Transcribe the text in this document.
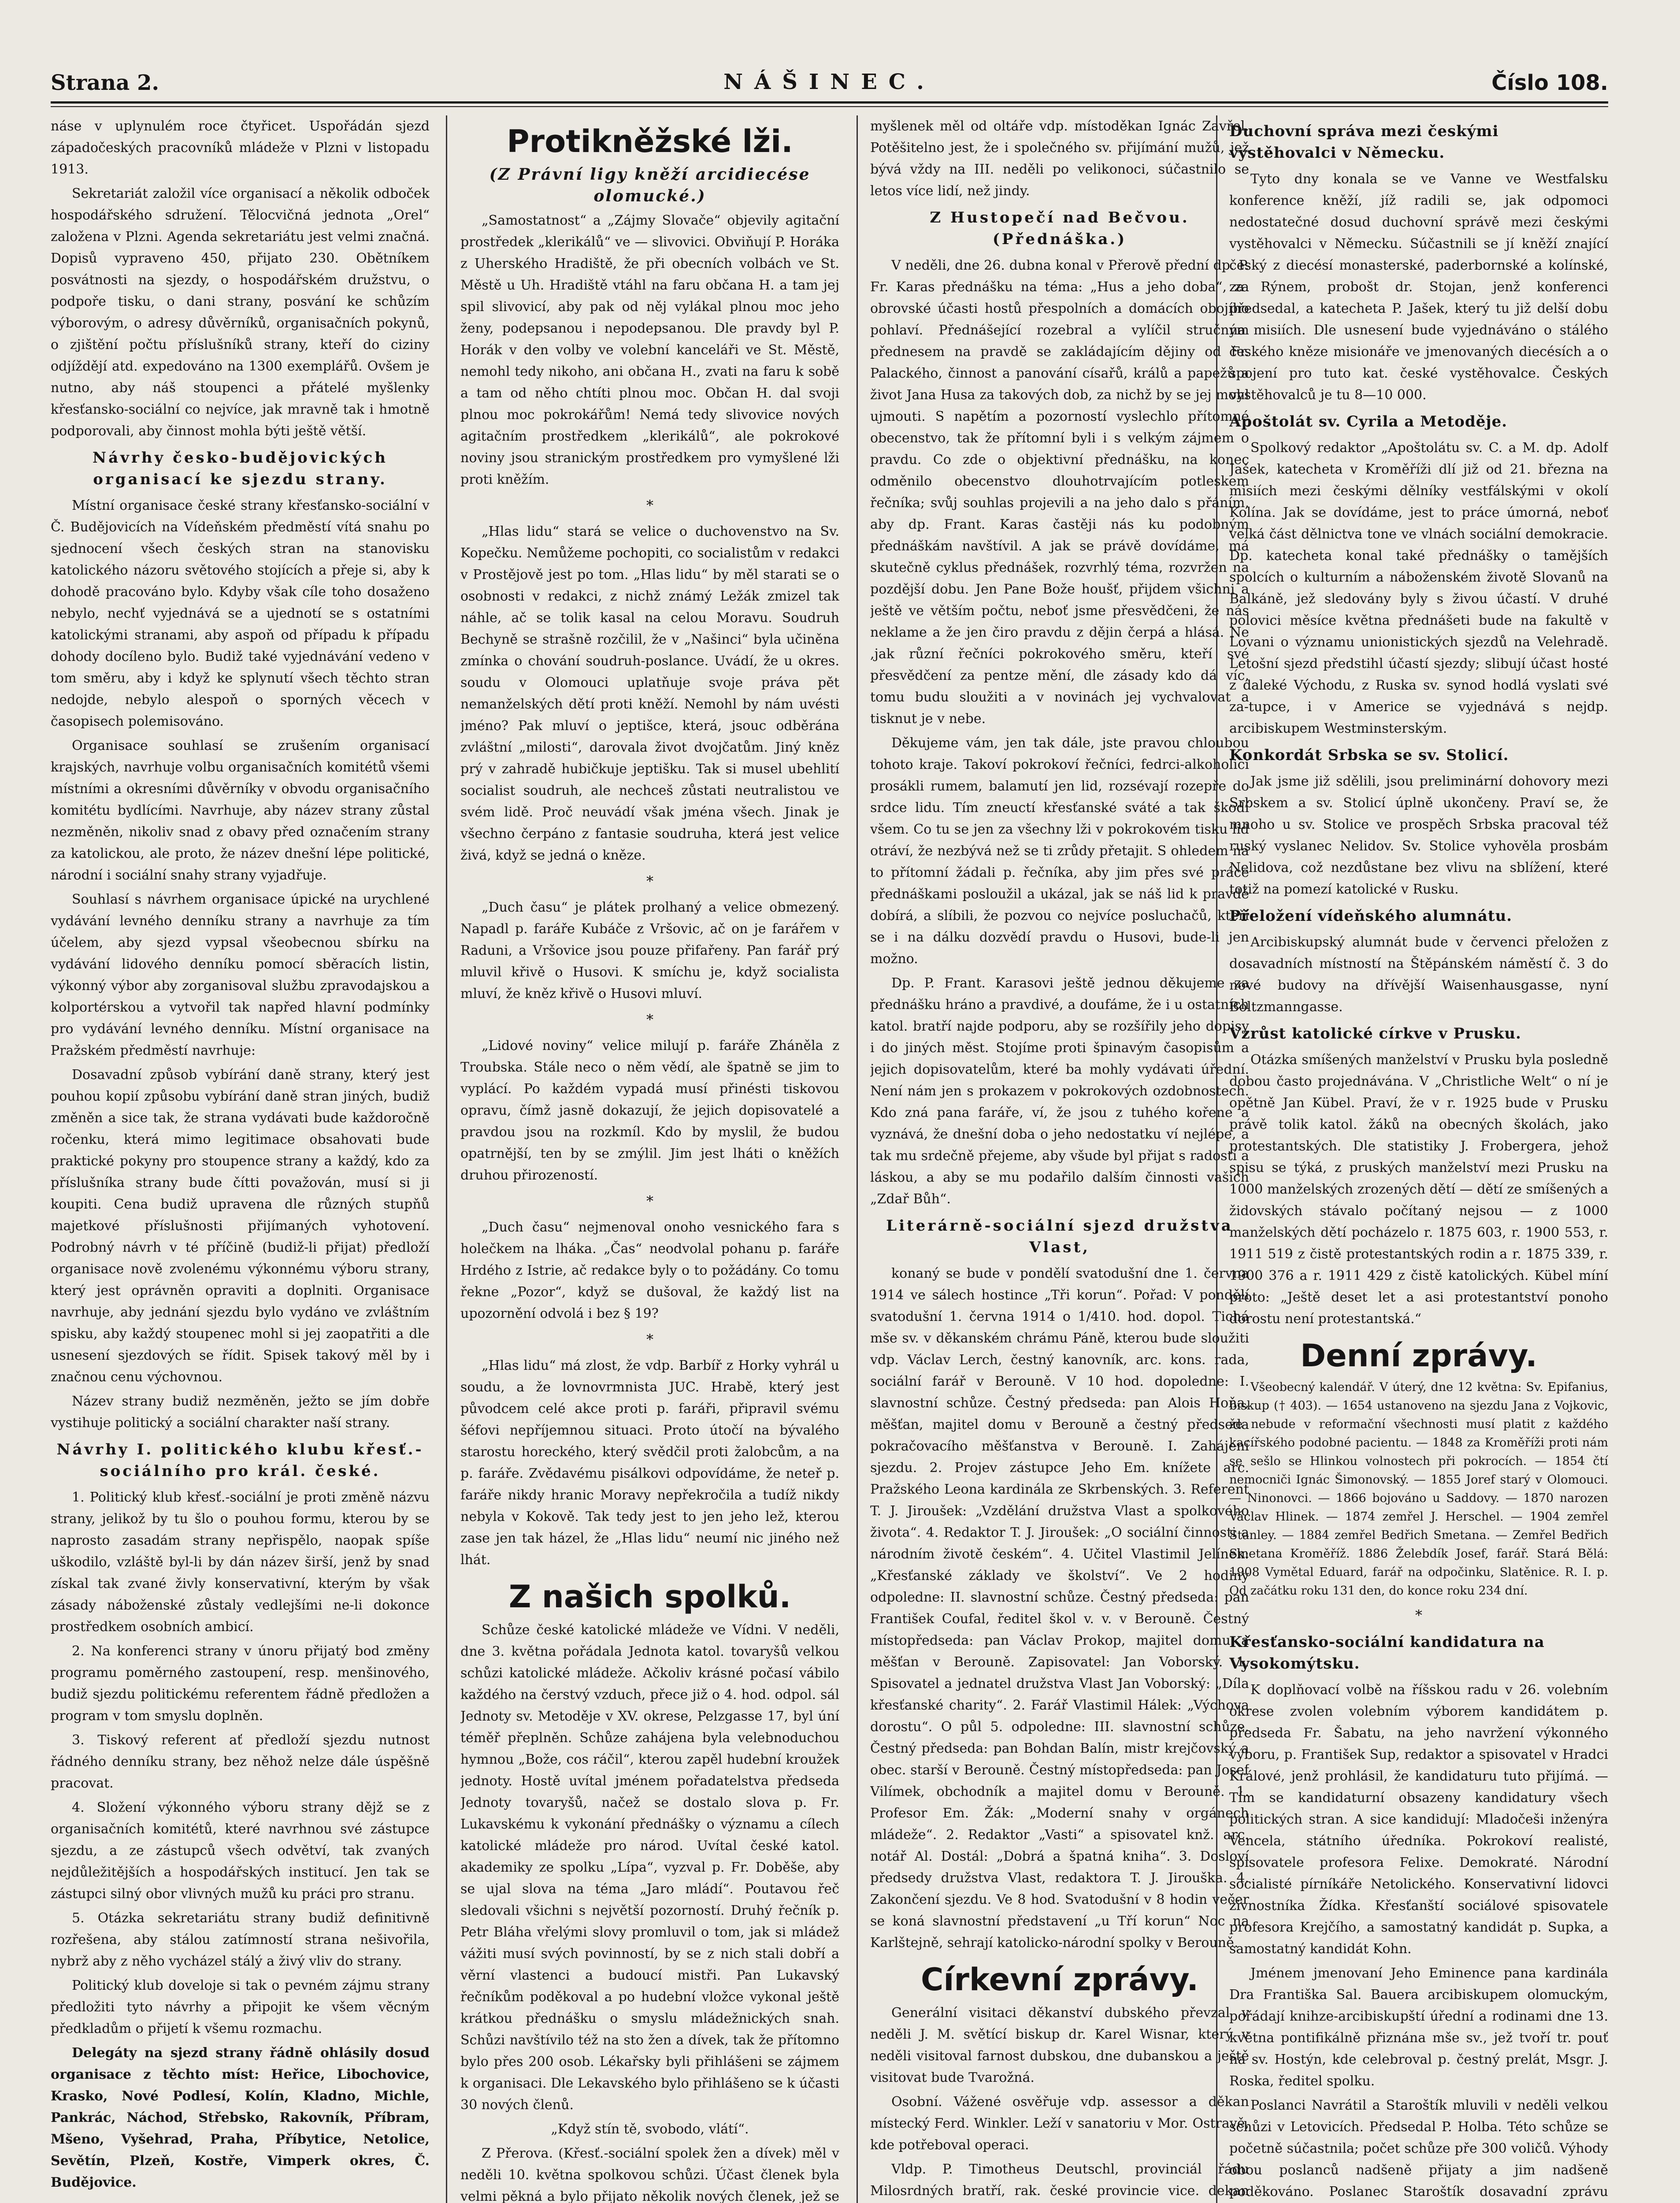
Strana 2.	NÁŠINEC.	Číslo 108.

náse v uplynulém roce čtyřicet. Uspořádán sjezd západočeských pracovníků mládeže v Plzni v listopadu 1913.

Sekretariát založil více organisací a několik odboček hospodářského sdružení. Tělocvičná jednota „Orel“ založena v Plzni. Agenda sekretariátu jest velmi značná. Dopisů vypraveno 450, přijato 230. Obětníkem posvátnosti na sjezdy, o hospodářském družstvu, o podpoře tisku, o dani strany, posvání ke schůzím výborovým, o adresy důvěrníků, organisačních pokynů, o zjištění počtu příslušníků strany, kteří do ciziny odjíždějí atd. expedováno na 1300 exemplářů. Ovšem je nutno, aby náš stoupenci a přátelé myšlenky křesťansko-sociální co nejvíce, jak mravně tak i hmotně podporovali, aby činnost mohla býti ještě větší.

Návrhy česko-budějovických organisací ke sjezdu strany.

Místní organisace české strany křesťansko-sociální v Č. Budějovicích na Vídeňském předměstí vítá snahu po sjednocení všech českých stran na stanovisku katolického názoru světového stojících a přeje si, aby k dohodě pracováno bylo. Kdyby však cíle toho dosaženo nebylo, nechť vyjednává se a ujednotí se s ostatními katolickými stranami, aby aspoň od případu k případu dohody docíleno bylo. Budiž také vyjednávání vedeno v tom směru, aby i když ke splynutí všech těchto stran nedojde, nebylo alespoň o sporných věcech v časopisech polemisováno.

Organisace souhlasí se zrušením organisací krajských, navrhuje volbu organisačních komitétů všemi místními a okresními důvěrníky v obvodu organisačního komitétu bydlícími. Navrhuje, aby název strany zůstal nezměněn, nikoliv snad z obavy před označením strany za katolickou, ale proto, že název dnešní lépe politické, národní i sociální snahy strany vyjadřuje.

Souhlasí s návrhem organisace úpické na urychlené vydávání levného denníku strany a navrhuje za tím účelem, aby sjezd vypsal všeobecnou sbírku na vydávání lidového denníku pomocí sběracích listin, výkonný výbor aby zorganisoval službu zpravodajskou a kolportérskou a vytvořil tak napřed hlavní podmínky pro vydávání levného denníku. Místní organisace na Pražském předměstí navrhuje:

Dosavadní způsob vybírání daně strany, který jest pouhou kopií způsobu vybírání daně stran jiných, budiž změněn a sice tak, že strana vydávati bude každoročně ročenku, která mimo legitimace obsahovati bude praktické pokyny pro stoupence strany a každý, kdo za příslušníka strany bude čítti považován, musí si ji koupiti. Cena budiž upravena dle různých stupňů majetkové příslušnosti přijímaných vyhotovení. Podrobný návrh v té příčině (budiž-li přijat) předloží organisace nově zvolenému výkonnému výboru strany, který jest oprávněn opraviti a doplniti. Organisace navrhuje, aby jednání sjezdu bylo vydáno ve zvláštním spisku, aby každý stoupenec mohl si jej zaopatřiti a dle usnesení sjezdových se řídit. Spisek takový měl by i značnou cenu výchovnou.

Název strany budiž nezměněn, ježto se jím dobře vystihuje politický a sociální charakter naší strany.

Návrhy I. politického klubu křesť.-sociálního pro král. české.

1. Politický klub křesť.-sociální je proti změně názvu strany, jelikož by tu šlo o pouhou formu, kterou by se naprosto zasadám strany nepřispělo, naopak spíše uškodilo, vzláště byl-li by dán název širší, jenž by snad získal tak zvané živly konservativní, kterým by však zásady náboženské zůstaly vedlejšími ne-li dokonce prostředkem osobních ambicí.

2. Na konferenci strany v únoru přijatý bod změny programu poměrného zastoupení, resp. menšinového, budiž sjezdu politickému referentem řádně předložen a program v tom smyslu doplněn.

3. Tiskový referent ať předloží sjezdu nutnost řádného denníku strany, bez něhož nelze dále úspěšně pracovat.

4. Složení výkonného výboru strany dějž se z organisačních komitétů, které navrhnou své zástupce sjezdu, a ze zástupců všech odvětví, tak zvaných nejdůležitějších a hospodářských institucí. Jen tak se zástupci silný obor vlivných mužů ku práci pro stranu.

5. Otázka sekretariátu strany budiž definitivně rozřešena, aby stálou zatímností strana nešivořila, nybrž aby z něho vycházel stálý a živý vliv do strany.

Politický klub doveloje si tak o pevném zájmu strany předložiti tyto návrhy a připojit ke všem věcným předkladům o přijetí k všemu rozmachu.

Delegáty na sjezd strany řádně ohlásily dosud organisace z těchto míst: Heřice, Libochovice, Krasko, Nové Podlesí, Kolín, Kladno, Michle, Pankrác, Náchod, Střebsko, Rakovník, Příbram, Mšeno, Vyšehrad, Praha, Příbytice, Netolice, Sevětín, Plzeň, Kostře, Vimperk okres, Č. Budějovice.

Protikněžské lži.

(Z Právní ligy kněží arcidiecése olomucké.)

„Samostatnost“ a „Zájmy Slovače“ objevily agitační prostředek „klerikálů“ ve — slivovici. Obviňují P. Horáka z Uherského Hradiště, že při obecních volbách ve St. Městě u Uh. Hradiště vtáhl na faru občana H. a tam jej spil slivovicí, aby pak od něj vylákal plnou moc jeho ženy, podepsanou i nepodepsanou. Dle pravdy byl P. Horák v den volby ve volební kanceláři ve St. Městě, nemohl tedy nikoho, ani občana H., zvati na faru k sobě a tam od něho chtíti plnou moc. Občan H. dal svoji plnou moc pokrokářům! Nemá tedy slivovice nových agitačním prostředkem „klerikálů“, ale pokrokové noviny jsou stranickým prostředkem pro vymyšlené lži proti kněžím.

*

„Hlas lidu“ stará se velice o duchovenstvo na Sv. Kopečku. Nemůžeme pochopiti, co socialistům v redakci v Prostějově jest po tom. „Hlas lidu“ by měl starati se o osobnosti v redakci, z nichž známý Ležák zmizel tak náhle, ač se tolik kasal na celou Moravu. Soudruh Bechyně se strašně rozčilil, že v „Našinci“ byla učiněna zmínka o chování soudruh-poslance. Uvádí, že u okres. soudu v Olomouci uplatňuje svoje práva pět nemanželských dětí proti kněží. Nemohl by nám uvésti jméno? Pak mluví o jeptišce, která, jsouc odběrána zvláštní „milosti“, darovala život dvojčatům. Jiný kněz prý v zahradě hubičkuje jeptišku. Tak si musel ubehlití socialist soudruh, ale nechceš zůstati neutralistou ve svém lidě. Proč neuvádí však jména všech. Jinak je všechno čerpáno z fantasie soudruha, která jest velice živá, když se jedná o kněze.

*

„Duch času“ je plátek prolhaný a velice obmezený. Napadl p. faráře Kubáče z Vršovic, ač on je farářem v Raduni, a Vršovice jsou pouze přifařeny. Pan farář prý mluvil křivě o Husovi. K smíchu je, když socialista mluví, že kněz křivě o Husovi mluví.

*

„Lidové noviny“ velice milují p. faráře Zháněla z Troubska. Stále neco o něm vědí, ale špatně se jim to vyplácí. Po každém vypadá musí přinésti tiskovou opravu, čímž jasně dokazují, že jejich dopisovatelé a pravdou jsou na rozkmíl. Kdo by myslil, že budou opatrnější, ten by se zmýlil. Jim jest lháti o kněžích druhou přirozeností.

*

„Duch času“ nejmenoval onoho vesnického fara s holečkem na lháka. „Čas“ neodvolal pohanu p. faráře Hrdého z Istrie, ač redakce byly o to požádány. Co tomu řekne „Pozor“, když se dušoval, že každý list na upozornění odvolá i bez § 19?

*

„Hlas lidu“ má zlost, že vdp. Barbíř z Horky vyhrál u soudu, a že lovnovrmnista JUC. Hrabě, který jest původcem celé akce proti p. faráři, připravil svému šéfovi nepříjemnou situaci. Proto útočí na bývalého starostu horeckého, který svědčil proti žalobcům, a na p. faráře. Zvědavému pisálkovi odpovídáme, že neteř p. faráře nikdy hranic Moravy nepřekročila a tudíž nikdy nebyla v Kokově. Tak tedy jest to jen jeho lež, kterou zase jen tak házel, že „Hlas lidu“ neumí nic jiného než lhát.

Z našich spolků.

Schůze české katolické mládeže ve Vídni. V neděli, dne 3. května pořádala Jednota katol. tovaryšů velkou schůzi katolické mládeže. Ačkoliv krásné počasí vábilo každého na čerstvý vzduch, přece již o 4. hod. odpol. sál Jednoty sv. Metoděje v XV. okrese, Pelzgasse 17, byl úní téměř přeplněn. Schůze zahájena byla velebnoduchou hymnou „Bože, cos ráčil“, kterou zapěl hudební kroužek jednoty. Hostě uvítal jménem pořadatelstva předseda Jednoty tovaryšů, načež se dostalo slova p. Fr. Lukavskému k vykonání přednášky o významu a cílech katolické mládeže pro národ. Uvítal české katol. akademiky ze spolku „Lípa“, vyzval p. Fr. Doběše, aby se ujal slova na téma „Jaro mládí“. Poutavou řeč sledovali všichni s největší pozorností. Druhý řečník p. Petr Bláha vřelými slovy promluvil o tom, jak si mládež vážiti musí svých povinností, by se z nich stali dobří a věrní vlastenci a budoucí mistři. Pan Lukavský řečníkům poděkoval a po hudební vložce vykonal ještě krátkou přednášku o smyslu mládežnických snah. Schůzi navštívilo též na sto žen a dívek, tak že přítomno bylo přes 200 osob. Lékařsky byli přihlášeni se zájmem k organisaci. Dle Lekavského bylo přihlášeno se k účasti 30 nových členů.

„Když stín tě, svobodo, vlátí“.

Z Přerova. (Křesť.-sociální spolek žen a dívek) měl v neděli 10. května spolkovou schůzi. Účast členek byla velmi pěkná a bylo přijato několik nových členek, jež se

myšlenek měl od oltáře vdp. místoděkan Ignác Zavřel. Potěšitelno jest, že i společného sv. přijímání mužů, jež bývá vždy na III. neděli po velikonoci, súčastnilo se letos více lidí, než jindy.

Z Hustopečí nad Bečvou. (Přednáška.)

V neděli, dne 26. dubna konal v Přerově přední dp. P. Fr. Karas přednášku na téma: „Hus a jeho doba“, za obrovské účasti hostů přespolních a domácích obojího pohlaví. Přednášející rozebral a vylíčil stručným přednesem na pravdě se zakládajícím dějiny od Fr. Palackého, činnost a panování císařů, králů a papežů a život Jana Husa za takových dob, za nichž by se jej mohl ujmouti. S napětím a pozorností vyslechlo přítomné obecenstvo, tak že přítomní byli i s velkým zájmem o pravdu. Co zde o objektivní přednášku, na konec odměnilo obecenstvo dlouhotrvajícím potleskem řečníka; svůj souhlas projevili a na jeho dalo s přáním, aby dp. Frant. Karas častěji nás ku podobným přednáškám navštívil. A jak se právě dovídáme, má skutečně cyklus přednášek, rozvrhlý téma, rozvržen na pozdější dobu. Jen Pane Bože houšť, přijdem všichni a ještě ve větším počtu, neboť jsme přesvědčeni, že nás neklame a že jen čiro pravdu z dějin čerpá a hlásá. Ne ,jak různí řečníci pokrokového směru, kteří své přesvědčení za pentze mění, dle zásady kdo dá víc, tomu budu sloužiti a v novinách jej vychvalovat a tisknut je v nebe.

Děkujeme vám, jen tak dále, jste pravou chloubou tohoto kraje. Takoví pokrokoví řečníci, fedrci-alkoholici prosákli rumem, balamutí jen lid, rozsévají rozepře do srdce lidu. Tím zneuctí křesťanské sváté a tak škodí všem. Co tu se jen za všechny lži v pokrokovém tisku lid otráví, že nezbývá než se ti zrůdy přetajit. S ohledem na to přítomní žádali p. řečníka, aby jim přes své práce přednáškami posloužil a ukázal, jak se náš lid k pravdě dobírá, a slíbili, že pozvou co nejvíce posluchačů, kteří se i na dálku dozvědí pravdu o Husovi, bude-li jen možno.

Dp. P. Frant. Karasovi ještě jednou děkujeme za přednášku hráno a pravdivé, a doufáme, že i u ostatních katol. bratří najde podporu, aby se rozšířily jeho dopisy i do jiných měst. Stojíme proti špinavým časopisům a jejich dopisovatelům, které ba mohly vydávati úřední. Není nám jen s prokazem v pokrokových ozdobnostech. Kdo zná pana faráře, ví, že jsou z tuhého kořene a vyznává, že dnešní doba o jeho nedostatku ví nejlépe, a tak mu srdečně přejeme, aby všude byl přijat s radostí a láskou, a aby se mu podařilo dalším činnosti vašich „Zdař Bůh“.

Literárně-sociální sjezd družstva Vlast,

konaný se bude v pondělí svatodušní dne 1. června 1914 ve sálech hostince „Tři korun“. Pořad: V pondělí svatodušní 1. června 1914 o 1/410. hod. dopol. Tichá mše sv. v děkanském chrámu Páně, kterou bude sloužiti vdp. Václav Lerch, čestný kanovník, arc. kons. rada, sociální farář v Berouně. V 10 hod. dopoledne: I. slavnostní schůze. Čestný předseda: pan Alois Hoňa, měšťan, majitel domu v Berouně a čestný předseda pokračovacího měšťanstva v Berouně. I. Zahájení sjezdu. 2. Projev zástupce Jeho Em. knížete arc. Pražského Leona kardinála ze Skrbenských. 3. Referent T. J. Jiroušek: „Vzdělání družstva Vlast a spolkového života“. 4. Redaktor T. J. Jiroušek: „O sociální činnosti a národním životě českém“. 4. Učitel Vlastimil Jelínek: „Křesťanské základy ve školství“. Ve 2 hodiny odpoledne: II. slavnostní schůze. Čestný předseda: pan František Coufal, ředitel škol v. v. v Berouně. Čestný místopředseda: pan Václav Prokop, majitel domu a měšťan v Berouně. Zapisovatel: Jan Voborský. 1. Spisovatel a jednatel družstva Vlast Jan Voborský: „Díla křesťanské charity“. 2. Farář Vlastimil Hálek: „Výchova dorostu“. O půl 5. odpoledne: III. slavnostní schůze. Čestný předseda: pan Bohdan Balín, mistr krejčovský a obec. starší v Berouně. Čestný místopředseda: pan Josef Vilímek, obchodník a majitel domu v Berouně. 1. Profesor Em. Žák: „Moderní snahy v orgánech mládeže“. 2. Redaktor „Vasti“ a spisovatel knž. arc. notář Al. Dostál: „Dobrá a špatná kniha“. 3. Dosloví předsedy družstva Vlast, redaktora T. J. Jirouška. 4. Zakončení sjezdu. Ve 8 hod. Svatodušní v 8 hodin večer se koná slavnostní představení „u Tří korun“ Noc na Karlštejně, sehrají katolicko-národní spolky v Berouně.

Církevní zprávy.

Generální visitaci děkanství dubského převzal v neděli J. M. světící biskup dr. Karel Wisnar, který v neděli visitoval farnost dubskou, dne dubanskou a ještě visitovat bude Tvarožná.

Osobní. Vážené osvěřuje vdp. assessor a děkan místecký Ferd. Winkler. Leží v sanatoriu v Mor. Ostravě, kde potřeboval operaci.

Vldp. P. Timotheus Deutschl, provinciál řádu Milosrdných bratří, rak. české provincie vice. dekan

Duchovní správa mezi českými vystěhovalci v Německu.

Tyto dny konala se ve Vanne ve Westfalsku konference kněží, jíž radili se, jak odpomoci nedostatečné dosud duchovní správě mezi českými vystěhovalci v Německu. Súčastnili se jí kněží znající český z diecésí monasterské, paderbornské a kolínské, za Rýnem, probošt dr. Stojan, jenž konferenci předsedal, a katecheta P. Jašek, který tu již delší dobu na misiích. Dle usnesení bude vyjednáváno o stálého českého kněze misionáře ve jmenovaných diecésích a o spojení pro tuto kat. české vystěhovalce. Českých vystěhovalců je tu 8—10 000.

Apoštolát sv. Cyrila a Metoděje.

Spolkový redaktor „Apoštolátu sv. C. a M. dp. Adolf Jašek, katecheta v Kroměříži dlí již od 21. března na misiích mezi českými dělníky vestfálskými v okolí Kolína. Jak se dovídáme, jest to práce úmorná, neboť velká část dělnictva tone ve vlnách sociální demokracie. Dp. katecheta konal také přednášky o tamějších spolcích o kulturním a náboženském životě Slovanů na Balkáně, jež sledovány byly s živou účastí. V druhé polovici měsíce května přednášeti bude na fakultě v Lovani o významu unionistických sjezdů na Velehradě. Letošní sjezd předstihl účastí sjezdy; slibují účast hosté z daleké Východu, z Ruska sv. synod hodlá vyslati své za-tupce, i v Americe se vyjednává s nejdp. arcibiskupem Westminsterským.

Konkordát Srbska se sv. Stolicí.

Jak jsme již sdělili, jsou preliminární dohovory mezi Srbskem a sv. Stolicí úplně ukončeny. Praví se, že mnoho u sv. Stolice ve prospěch Srbska pracoval též ruský vyslanec Nelidov. Sv. Stolice vyhověla prosbám Nelidova, což nezdůstane bez vlivu na sblížení, které totiž na pomezí katolické v Rusku.

Přeložení vídeňského alumnátu.

Arcibiskupský alumnát bude v červenci přeložen z dosavadních místností na Štěpánském náměstí č. 3 do nové budovy na dřívější Waisenhausgasse, nyní Boltzmanngasse.

Vzrůst katolické církve v Prusku.

Otázka smíšených manželství v Prusku byla posledně dobou často projednávána. V „Christliche Welt“ o ní je opětně Jan Kübel. Praví, že v r. 1925 bude v Prusku právě tolik katol. žáků na obecných školách, jako protestantských. Dle statistiky J. Frobergera, jehož spisu se týká, z pruských manželství mezi Prusku na 1000 manželských zrozených dětí — dětí ze smíšených a židovských stávalo počítaný nejsou — z 1000 manželských dětí pocházelo r. 1875 603, r. 1900 553, r. 1911 519 z čistě protestantských rodin a r. 1875 339, r. 1900 376 a r. 1911 429 z čistě katolických. Kübel míní proto: „Ještě deset let a asi protestantství ponoho dorostu není protestantská.“

Denní zprávy.

Všeobecný kalendář. V úterý, dne 12 května: Sv. Epifanius, biskup († 403). — 1654 ustanoveno na sjezdu Jana z Vojkovic, že nebude v reformační všechnosti musí platit z každého kacířského podobné pacientu. — 1848 za Kroměříži proti nám se sešlo se Hlinkou volnostech při pokrocích. — 1854 čtí nemocniči Ignác Šimonovský. — 1855 Joref starý v Olomouci. — Ninonovci. — 1866 bojováno u Saddovy. — 1870 narozen Václav Hlinek. — 1874 zemřel J. Herschel. — 1904 zemřel Stanley. — 1884 zemřel Bedřich Smetana. — Zemřel Bedřich Smetana Kroměříž. 1886 Želebdík Josef, farář. Stará Bělá: 1908 Vymětal Eduard, farář na odpočinku, Slatěnice. R. I. p. Od začátku roku 131 den, do konce roku 234 dní.

*

Křesťansko-sociální kandidatura na Vysokomýtsku.

K doplňovací volbě na říšskou radu v 26. volebním okrese zvolen volebním výborem kandidátem p. předseda Fr. Šabatu, na jeho navržení výkonného výboru, p. František Sup, redaktor a spisovatel v Hradci Králové, jenž prohlásil, že kandidaturu tuto přijímá. — Tím se kandidaturní obsazeny kandidatury všech politických stran. A sice kandidují: Mladočeši inženýra Vencela, státního úředníka. Pokrokoví realisté, spisovatele profesora Felixe. Demokraté. Národní socialisté pírníkáře Netolického. Konservativní lidovci živnostníka Žídka. Křesťanští sociálové spisovatele profesora Krejčího, a samostatný kandidát p. Supka, a samostatný kandidát Kohn.

Jménem jmenovaní Jeho Eminence pana kardinála Dra Františka Sal. Bauera arcibiskupem olomuckým, pořádají knihze-arcibiskupští úřední a rodinami dne 13. května pontifikálně přiznána mše sv., jež tvoří tr. pouť na sv. Hostýn, kde celebroval p. čestný prelát, Msgr. J. Roska, ředitel spolku.

Poslanci Navrátil a Staroštík mluvili v neděli velkou schůzi v Letovicích. Předsedal P. Holba. Této schůze se početně súčastnila; počet schůze pře 300 voličů. Výhody obou poslanců nadšeně přijaty a jim nadšeně poděkováno. Poslanec Staroštík dosavadní zprávu
